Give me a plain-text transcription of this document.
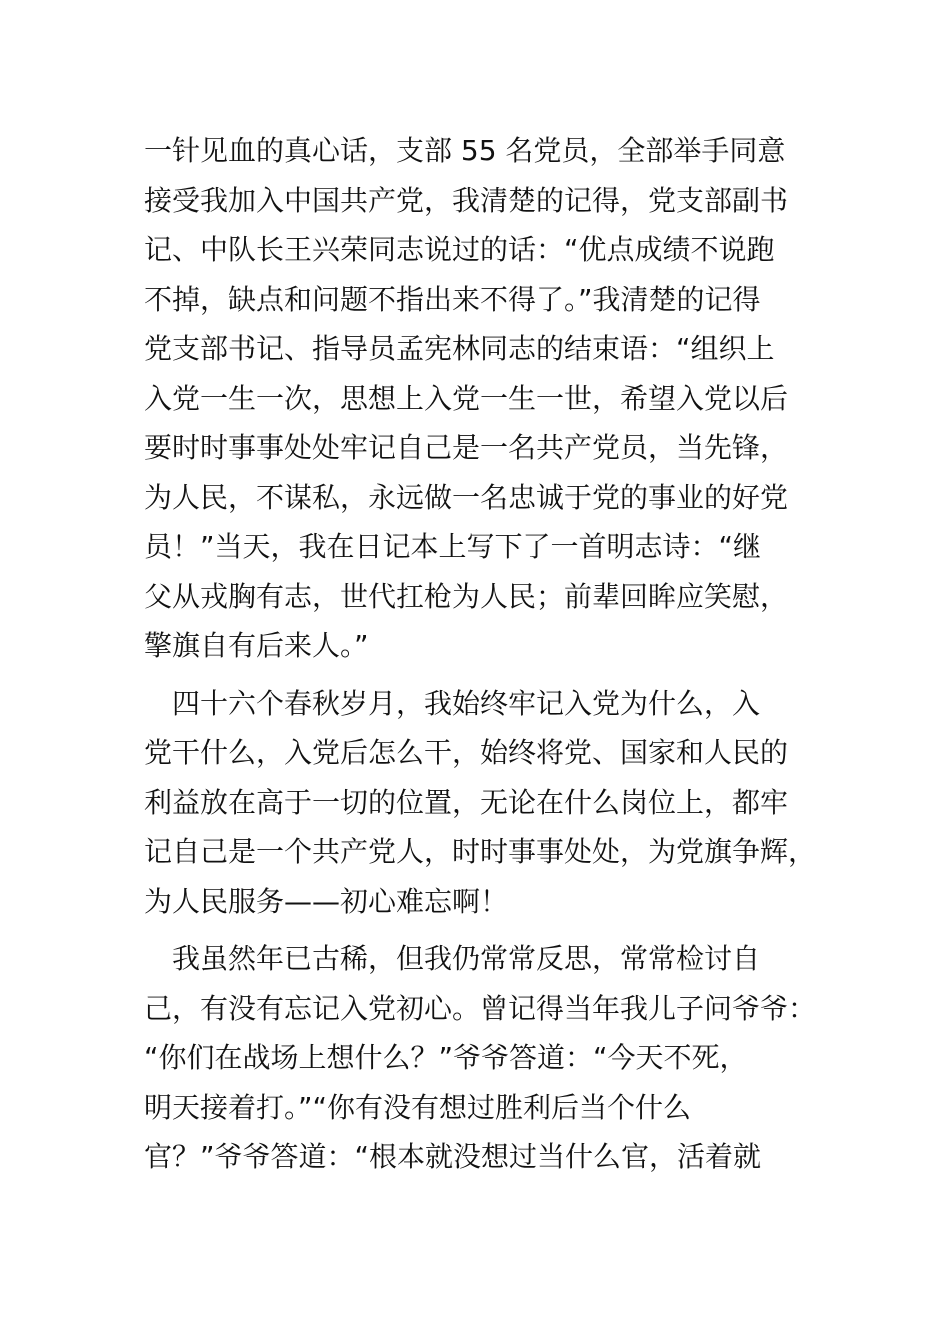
一针见血的真心话，支部 55 名党员，全部举手同意
接受我加入中国共产党，我清楚的记得，党支部副书
记、中队长王兴荣同志说过的话：“优点成绩不说跑
不掉，缺点和问题不指出来不得了。”我清楚的记得
党支部书记、指导员孟宪林同志的结束语：“组织上
入党一生一次，思想上入党一生一世，希望入党以后
要时时事事处处牢记自己是一名共产党员，当先锋，
为人民，不谋私，永远做一名忠诚于党的事业的好党
员！”当天，我在日记本上写下了一首明志诗：“继
父从戎胸有志，世代扛枪为人民；前辈回眸应笑慰，
擎旗自有后来人。”

　四十六个春秋岁月，我始终牢记入党为什么，入
党干什么，入党后怎么干，始终将党、国家和人民的
利益放在高于一切的位置，无论在什么岗位上，都牢
记自己是一个共产党人，时时事事处处，为党旗争辉，
为人民服务——初心难忘啊！

　我虽然年已古稀，但我仍常常反思，常常检讨自
己，有没有忘记入党初心。曾记得当年我儿子问爷爷：
“你们在战场上想什么？”爷爷答道：“今天不死，
明天接着打。”“你有没有想过胜利后当个什么
官？”爷爷答道：“根本就没想过当什么官，活着就
